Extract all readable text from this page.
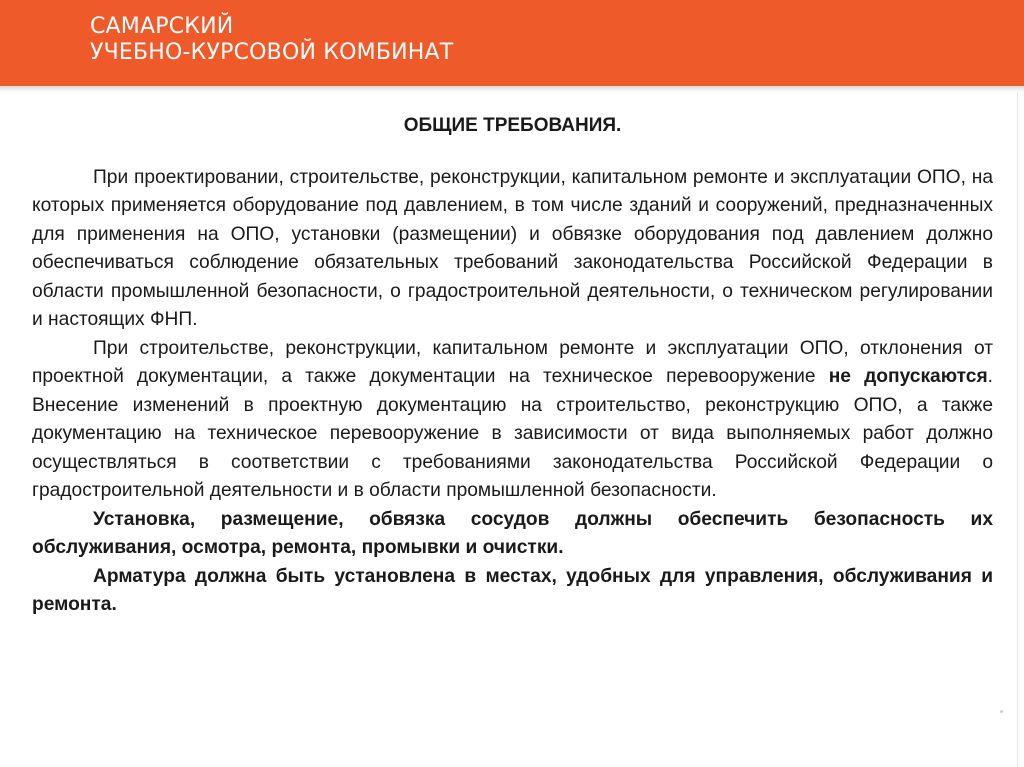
САМАРСКИЙ
УЧЕБНО-КУРСОВОЙ КОМБИНАТ

ОБЩИЕ ТРЕБОВАНИЯ.

При проектировании, строительстве, реконструкции, капитальном ремонте и эксплуатации ОПО, на которых применяется оборудование под давлением, в том числе зданий и сооружений, предназначенных для применения на ОПО, установки (размещении) и обвязке оборудования под давлением должно обеспечиваться соблюдение обязательных требований законодательства Российской Федерации в области промышленной безопасности, о градостроительной деятельности, о техническом регулировании и настоящих ФНП.

При строительстве, реконструкции, капитальном ремонте и эксплуатации ОПО, отклонения от проектной документации, а также документации на техническое перевооружение не допускаются. Внесение изменений в проектную документацию на строительство, реконструкцию ОПО, а также документацию на техническое перевооружение в зависимости от вида выполняемых работ должно осуществляться в соответствии с требованиями законодательства Российской Федерации о градостроительной деятельности и в области промышленной безопасности.

Установка, размещение, обвязка сосудов должны обеспечить безопасность их обслуживания, осмотра, ремонта, промывки и очистки.

Арматура должна быть установлена в местах, удобных для управления, обслуживания и ремонта.
